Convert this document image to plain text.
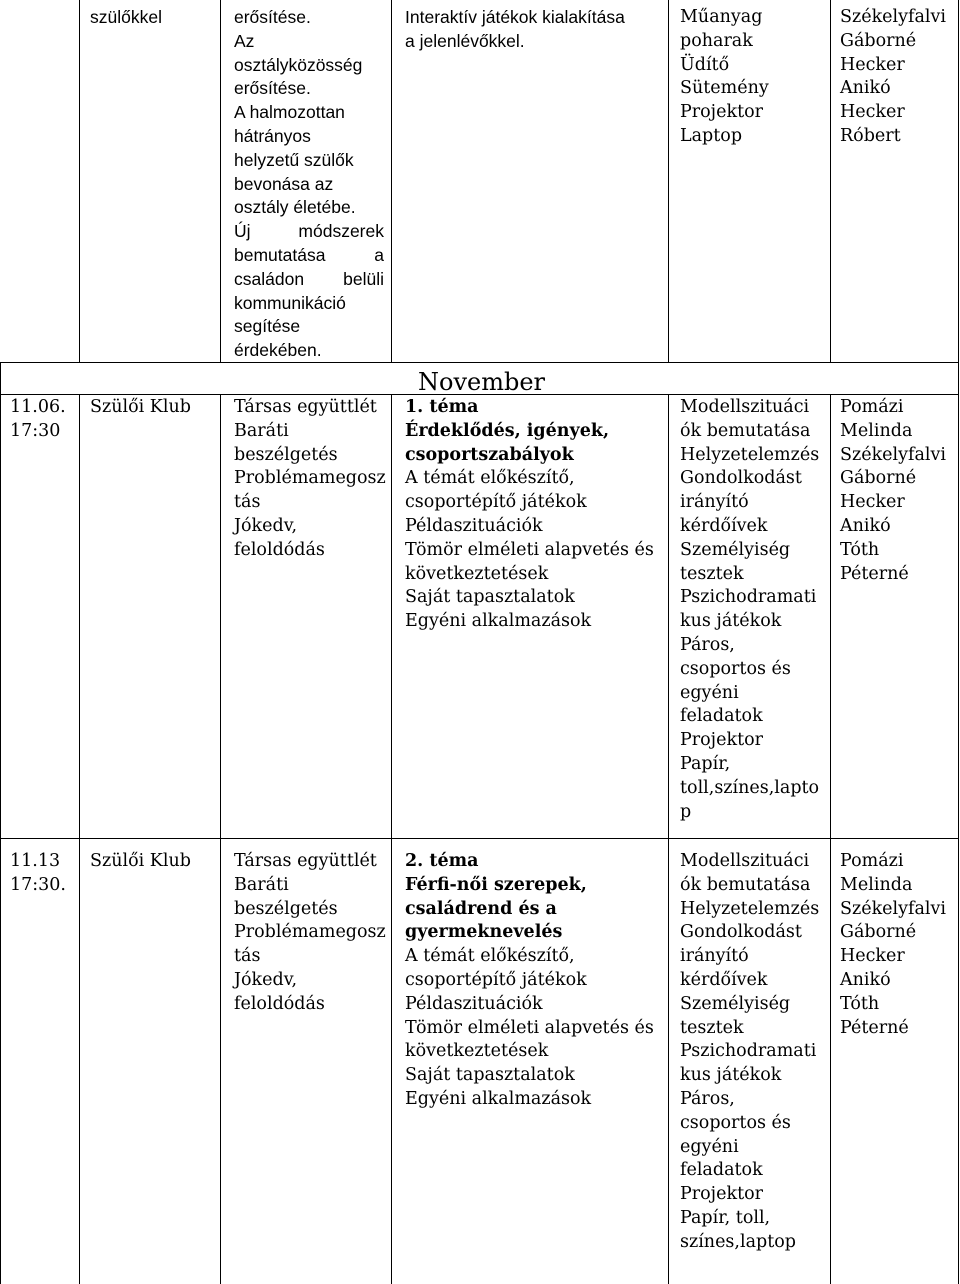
November
szülőkkel	erősítése.
Az
osztályközösség
erősítése.
A halmozottan
hátrányos
helyzetű szülők
bevonása az
osztály életébe.
Új módszerek
bemutatása a
családon belüli
kommunikáció
segítése
érdekében.
Interaktív játékok kialakítása
a jelenlévőkkel.
Műanyag
poharak
Üdítő
Sütemény
Projektor
Laptop
Székelyfalvi
Gáborné
Hecker
Anikó
Hecker
Róbert
11.06.
17:30
Szülői Klub Társas együttlét
Baráti
beszélgetés
Problémamegosz
tás
Jókedv,
feloldódás
1. téma
Érdeklődés, igények,
csoportszabályok
A témát előkészítő,
csoportépítő játékok
Példaszituációk
Tömör elméleti alapvetés és
következtetések
Saját tapasztalatok
Egyéni alkalmazások
Modellszituáci
ók bemutatása
Helyzetelemzés
Gondolkodást
irányító
kérdőívek
Személyiség
tesztek
Pszichodramati
kus játékok
Páros,
csoportos és
egyéni
feladatok
Projektor
Papír,
toll,színes,lapto
p
Pomázi
Melinda
Székelyfalvi
Gáborné
Hecker
Anikó
Tóth
Péterné
11.13
17:30.
Szülői Klub Társas együttlét
Baráti
beszélgetés
Problémamegosz
tás
Jókedv,
feloldódás
2. téma
Férfi-női szerepek,
családrend és a
gyermeknevelés
A témát előkészítő,
csoportépítő játékok
Példaszituációk
Tömör elméleti alapvetés és
következtetések
Saját tapasztalatok
Egyéni alkalmazások
Modellszituáci
ók bemutatása
Helyzetelemzés
Gondolkodást
irányító
kérdőívek
Személyiség
tesztek
Pszichodramati
kus játékok
Páros,
csoportos és
egyéni
feladatok
Projektor
Papír, toll,
színes,laptop
Pomázi
Melinda
Székelyfalvi
Gáborné
Hecker
Anikó
Tóth
Péterné
